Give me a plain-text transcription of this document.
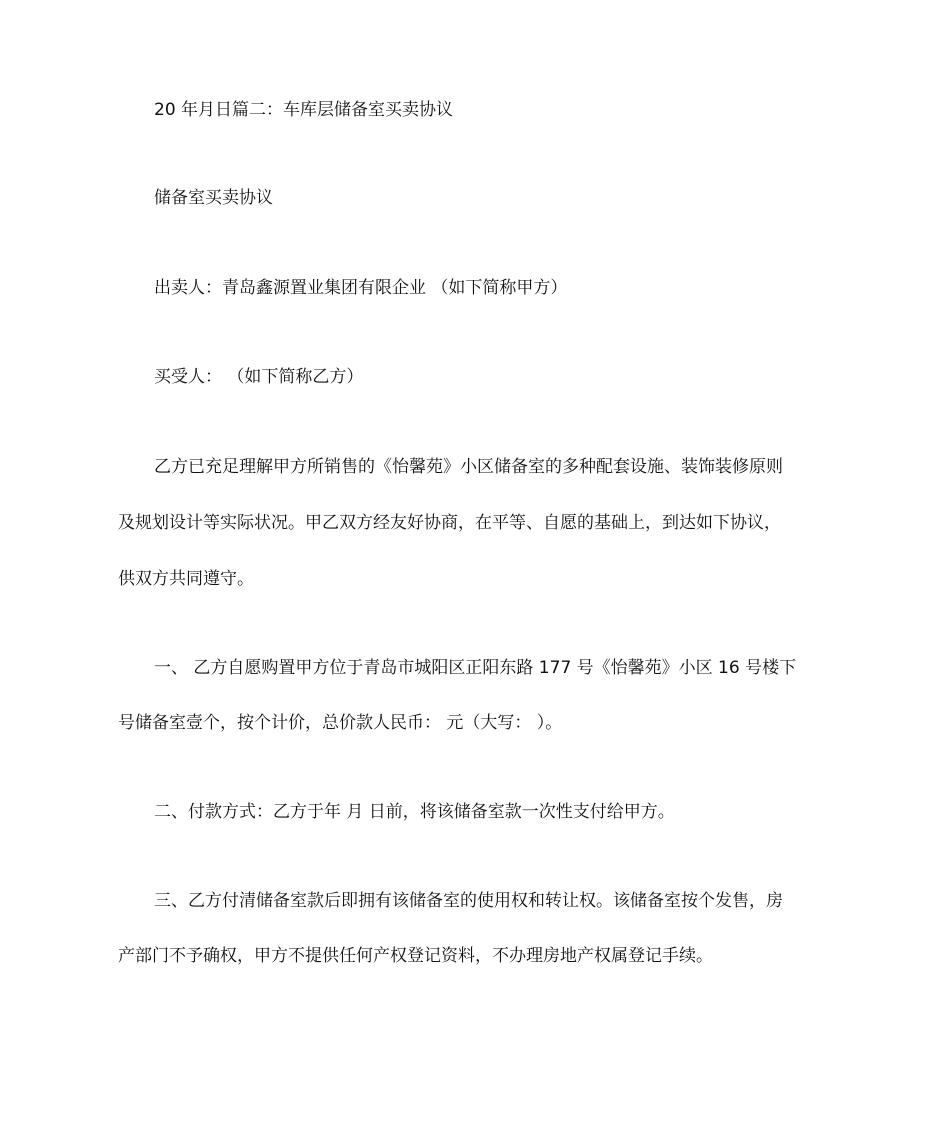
20 年月日篇二：车库层储备室买卖协议
储备室买卖协议
出卖人：青岛鑫源置业集团有限企业 （如下简称甲方）
买受人： （如下简称乙方）
乙方已充足理解甲方所销售的《怡馨苑》小区储备室的多种配套设施、装饰装修原则
及规划设计等实际状况。甲乙双方经友好协商，在平等、自愿的基础上，到达如下协议，
供双方共同遵守。
一、 乙方自愿购置甲方位于青岛市城阳区正阳东路 177 号《怡馨苑》小区 16 号楼下
号储备室壹个，按个计价，总价款人民币： 元（大写： ）。
二、付款方式：乙方于年 月 日前，将该储备室款一次性支付给甲方。
三、乙方付清储备室款后即拥有该储备室的使用权和转让权。该储备室按个发售，房
产部门不予确权，甲方不提供任何产权登记资料，不办理房地产权属登记手续。
